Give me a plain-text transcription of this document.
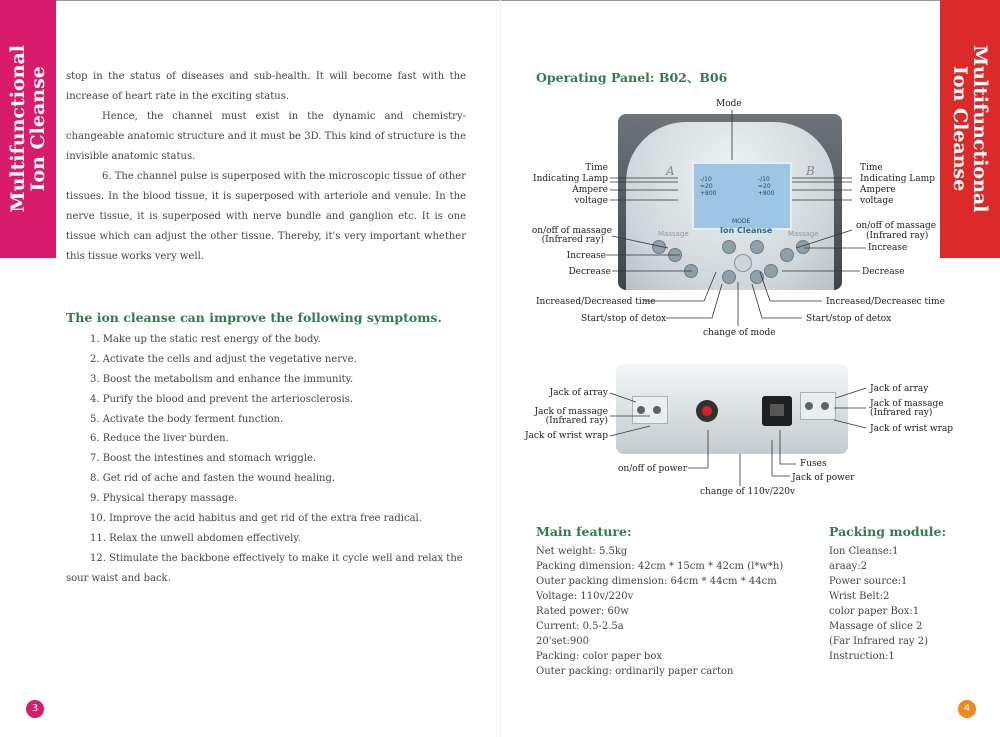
Multifunctional
Ion Cleanse	Multifunctional
Ion Cleanse

stop in the status of diseases and sub-health. It will become fast with the increase of heart rate in the exciting status.

Hence, the channel must exist in the dynamic and chemistry-changeable anatomic structure and it must be 3D. This kind of structure is the invisible anatomic status.

6. The channel pulse is superposed with the microscopic tissue of other tissues. In the blood tissue, it is superposed with arteriole and venule. In the nerve tissue, it is superposed with nerve bundle and ganglion etc. It is one tissue which can adjust the other tissue. Thereby, it's very important whether this tissue works very well.

The ion cleanse can improve the following symptoms.
1. Make up the static rest energy of the body.
2. Activate the cells and adjust the vegetative nerve.
3. Boost the metabolism and enhance the immunity.
4. Purify the blood and prevent the arteriosclerosis.
5. Activate the body ferment function.
6. Reduce the liver burden.
7. Boost the intestines and stomach wriggle.
8. Get rid of ache and fasten the wound healing.
9. Physical therapy massage.
10. Improve the acid habitus and get rid of the extra free radical.
11. Relax the unwell abdomen effectively.
12. Stimulate the backbone effectively to make it cycle well and relax the
sour waist and back.
Operating Panel: B02、B06
A	B
-/10
=20
+800
-/10
=20
+800
MODE
Ion Cleanse
Massage	Massage
Mode
Time
Indicating Lamp
Ampere
voltage
on/off of massage
(Infrared ray)
Increase
Decrease
Increased/Decreased time
Start/stop of detox
change of mode
Time
Indicating Lamp
Ampere
voltage
on/off of massage
(Infrared ray)
Increase
Decrease
Increased/Decreasec time
Start/stop of detox
Jack of array
Jack of massage
(Infrared ray)
Jack of wrist wrap
Jack of array
Jack of massage
(Infrared ray)
Jack of wrist wrap
on/off of power	Fuses
Jack of power
change of 110v/220v
Main feature:
Net weight: 5.5kg
Packing dimension: 42cm * 15cm * 42cm (l*w*h)
Outer packing dimension: 64cm * 44cm * 44cm
Voltage: 110v/220v
Rated power: 60w
Current: 0.5-2.5a
20'set:900
Packing: color paper box
Outer packing: ordinarily paper carton
Packing module:
Ion Cleanse:1
araay:2
Power source:1
Wrist Belt:2
color paper Box:1
Massage of slice 2
(Far Infrared ray 2)
Instruction:1
3	4
